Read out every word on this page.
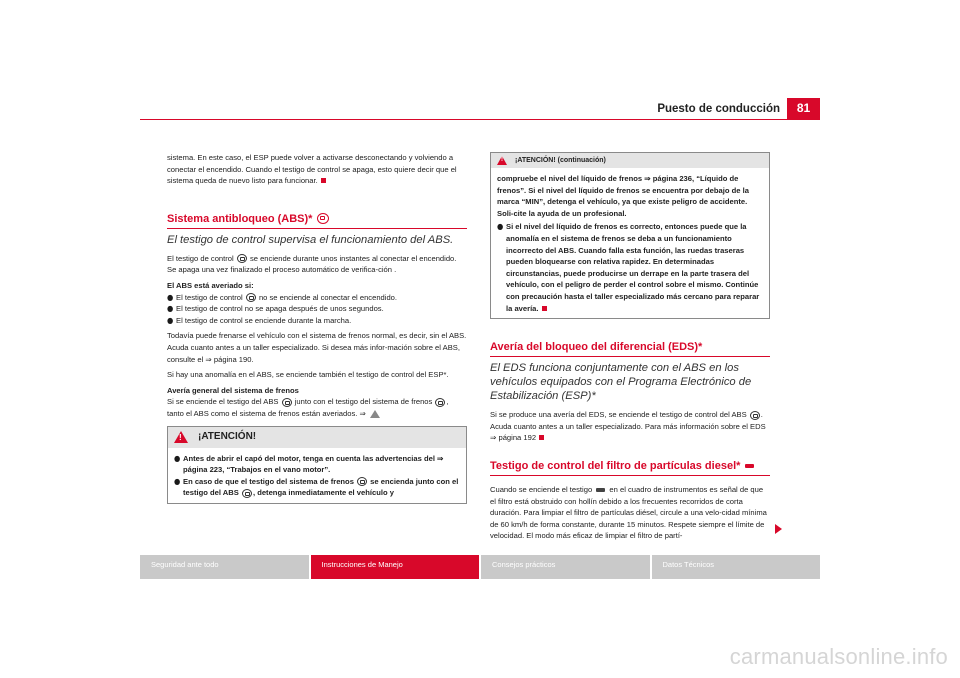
Puesto de conducción	81

sistema. En este caso, el ESP puede volver a activarse desconectando y volviendo a conectar el encendido. Cuando el testigo de control se apaga, esto quiere decir que el sistema queda de nuevo listo para funcionar.

Sistema antibloqueo (ABS)*

El testigo de control supervisa el funcionamiento del ABS.

El testigo de control se enciende durante unos instantes al conectar el encendido. Se apaga una vez finalizado el proceso automático de verifica-ción .

El ABS está averiado si:

● El testigo de control no se enciende al conectar el encendido.

● El testigo de control no se apaga después de unos segundos.

● El testigo de control se enciende durante la marcha.

Todavía puede frenarse el vehículo con el sistema de frenos normal, es decir, sin el ABS. Acuda cuanto antes a un taller especializado. Si desea más infor-mación sobre el ABS, consulte el ⇒ página 190.

Si hay una anomalía en el ABS, se enciende también el testigo de control del ESP*.

Avería general del sistema de frenos

Si se enciende el testigo del ABS junto con el testigo del sistema de frenos , tanto el ABS como el sistema de frenos están averiados. ⇒

!
¡ATENCIÓN!
● Antes de abrir el capó del motor, tenga en cuenta las advertencias del ⇒ página 223, “Trabajos en el vano motor”.

● En caso de que el testigo del sistema de frenos se encienda junto con el testigo del ABS , detenga inmediatamente el vehículo y

!
¡ATENCIÓN! (continuación)

compruebe el nivel del líquido de frenos ⇒ página 236, “Líquido de frenos”. Si el nivel del líquido de frenos se encuentra por debajo de la marca “MIN”, detenga el vehículo, ya que existe peligro de accidente. Soli-cite la ayuda de un profesional.

● Si el nivel del líquido de frenos es correcto, entonces puede que la anomalía en el sistema de frenos se deba a un funcionamiento incorrecto del ABS. Cuando falla esta función, las ruedas traseras pueden bloquearse con relativa rapidez. En determinadas circunstancias, puede producirse un derrape en la parte trasera del vehículo, con el peligro de perder el control sobre el mismo. Continúe con precaución hasta el taller especializado más cercano para reparar la avería.

Avería del bloqueo del diferencial (EDS)*

El EDS funciona conjuntamente con el ABS en los vehículos equipados con el Programa Electrónico de Estabilización (ESP)*

Si se produce una avería del EDS, se enciende el testigo de control del ABS . Acuda cuanto antes a un taller especializado. Para más información sobre el EDS ⇒ página 192

Testigo de control del filtro de partículas diesel*

Cuando se enciende el testigo en el cuadro de instrumentos es señal de que el filtro está obstruido con hollín debido a los frecuentes recorridos de corta duración. Para limpiar el filtro de partículas diésel, circule a una velo-cidad mínima de 60 km/h de forma constante, durante 15 minutos. Respete siempre el límite de velocidad. El modo más eficaz de limpiar el filtro de partí-

Seguridad ante todo	Instrucciones de Manejo	Consejos prácticos	Datos Técnicos
carmanualsonline.info
